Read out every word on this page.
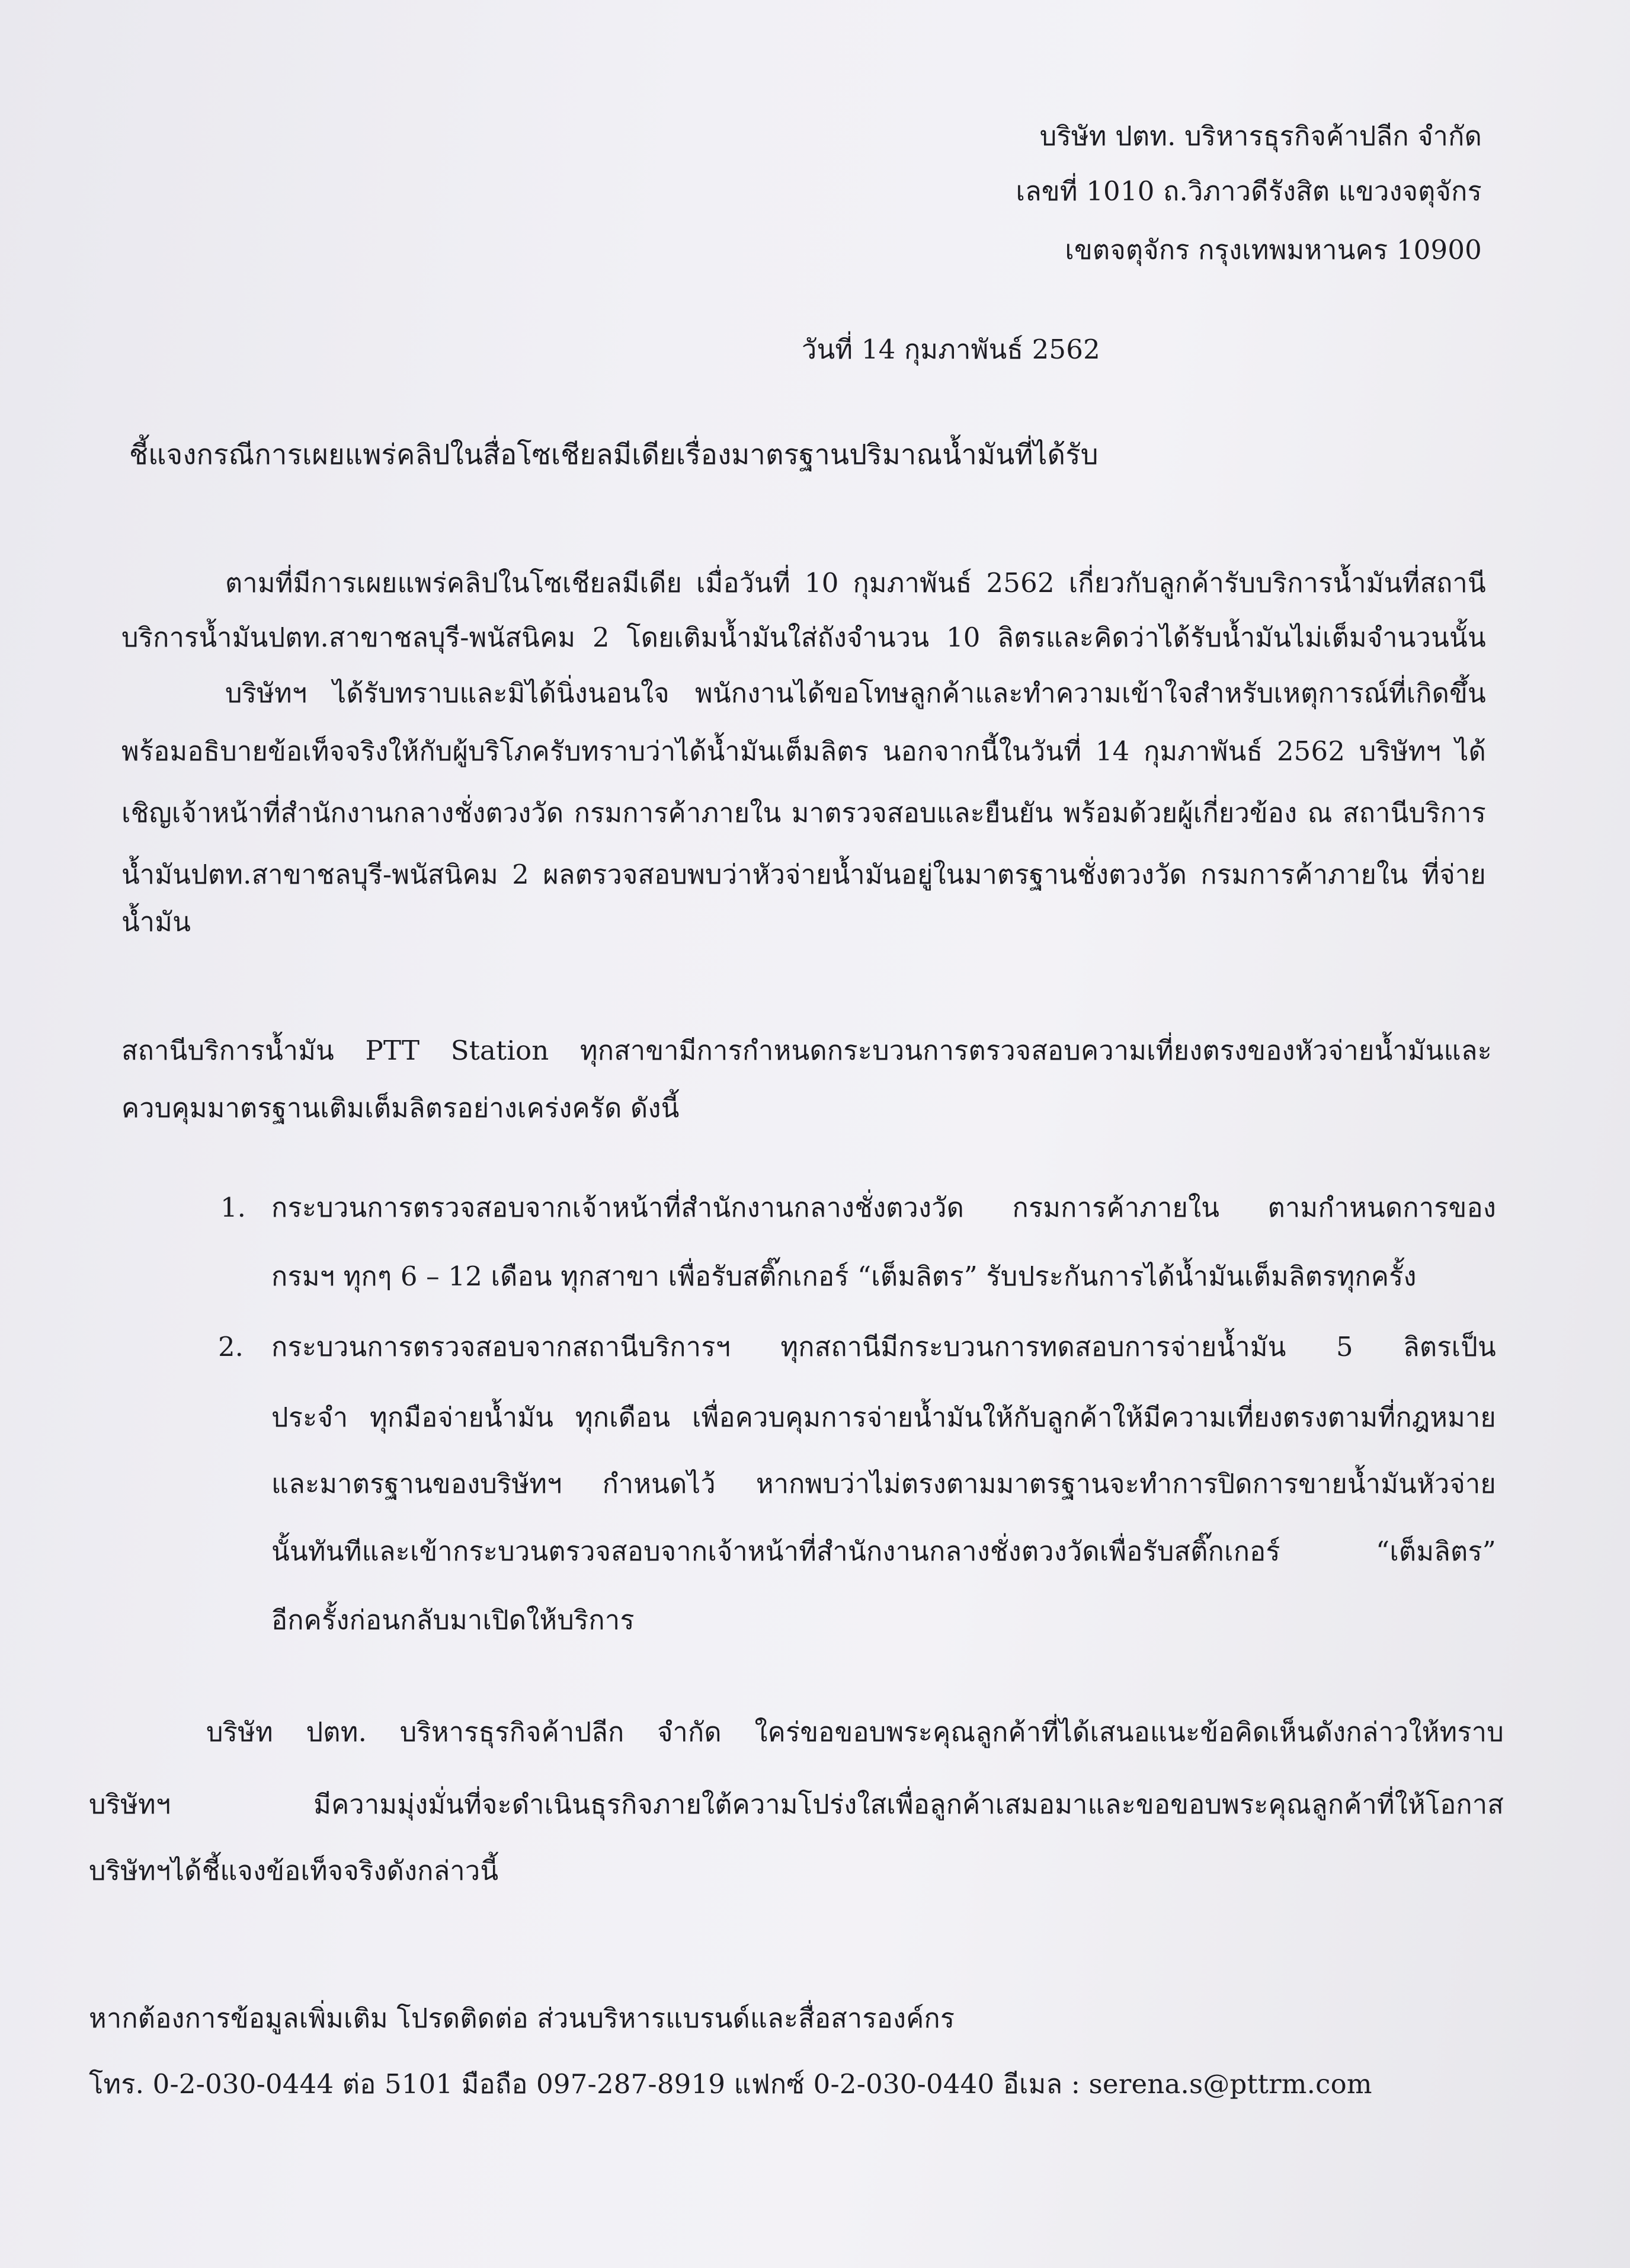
บริษัท ปตท. บริหารธุรกิจค้าปลีก จำกัด
เลขที่ 1010 ถ.วิภาวดีรังสิต แขวงจตุจักร
เขตจตุจักร กรุงเทพมหานคร 10900
วันที่ 14 กุมภาพันธ์ 2562
ชี้แจงกรณีการเผยแพร่คลิปในสื่อโซเชียลมีเดียเรื่องมาตรฐานปริมาณน้ำมันที่ได้รับ
ตามที่มีการเผยแพร่คลิปในโซเชียลมีเดีย เมื่อวันที่ 10 กุมภาพันธ์ 2562 เกี่ยวกับลูกค้ารับบริการน้ำมันที่สถานี
บริการน้ำมันปตท.สาขาชลบุรี-พนัสนิคม 2 โดยเติมน้ำมันใส่ถังจำนวน 10 ลิตรและคิดว่าได้รับน้ำมันไม่เต็มจำนวนนั้น
บริษัทฯ ได้รับทราบและมิได้นิ่งนอนใจ พนักงานได้ขอโทษลูกค้าและทำความเข้าใจสำหรับเหตุการณ์ที่เกิดขึ้น
พร้อมอธิบายข้อเท็จจริงให้กับผู้บริโภครับทราบว่าได้น้ำมันเต็มลิตร นอกจากนี้ในวันที่ 14 กุมภาพันธ์ 2562 บริษัทฯ ได้
เชิญเจ้าหน้าที่สำนักงานกลางชั่งตวงวัด กรมการค้าภายใน มาตรวจสอบและยืนยัน พร้อมด้วยผู้เกี่ยวข้อง ณ สถานีบริการ
น้ำมันปตท.สาขาชลบุรี-พนัสนิคม 2 ผลตรวจสอบพบว่าหัวจ่ายน้ำมันอยู่ในมาตรฐานชั่งตวงวัด กรมการค้าภายใน ที่จ่าย
น้ำมัน
สถานีบริการน้ำมัน PTT Station ทุกสาขามีการกำหนดกระบวนการตรวจสอบความเที่ยงตรงของหัวจ่ายน้ำมันและ
ควบคุมมาตรฐานเติมเต็มลิตรอย่างเคร่งครัด ดังนี้
1. กระบวนการตรวจสอบจากเจ้าหน้าที่สำนักงานกลางชั่งตวงวัด กรมการค้าภายใน ตามกำหนดการของ
กรมฯ ทุกๆ 6 – 12 เดือน ทุกสาขา เพื่อรับสติ๊กเกอร์ “เต็มลิตร” รับประกันการได้น้ำมันเต็มลิตรทุกครั้ง
2. กระบวนการตรวจสอบจากสถานีบริการฯ ทุกสถานีมีกระบวนการทดสอบการจ่ายน้ำมัน 5 ลิตรเป็น
ประจำ ทุกมือจ่ายน้ำมัน ทุกเดือน เพื่อควบคุมการจ่ายน้ำมันให้กับลูกค้าให้มีความเที่ยงตรงตามที่กฎหมาย
และมาตรฐานของบริษัทฯ กำหนดไว้ หากพบว่าไม่ตรงตามมาตรฐานจะทำการปิดการขายน้ำมันหัวจ่าย
นั้นทันทีและเข้ากระบวนตรวจสอบจากเจ้าหน้าที่สำนักงานกลางชั่งตวงวัดเพื่อรับสติ๊กเกอร์ “เต็มลิตร”
อีกครั้งก่อนกลับมาเปิดให้บริการ
บริษัท ปตท. บริหารธุรกิจค้าปลีก จำกัด ใคร่ขอขอบพระคุณลูกค้าที่ได้เสนอแนะข้อคิดเห็นดังกล่าวให้ทราบ
บริษัทฯ มีความมุ่งมั่นที่จะดำเนินธุรกิจภายใต้ความโปร่งใสเพื่อลูกค้าเสมอมาและขอขอบพระคุณลูกค้าที่ให้โอกาส
บริษัทฯได้ชี้แจงข้อเท็จจริงดังกล่าวนี้
หากต้องการข้อมูลเพิ่มเติม โปรดติดต่อ ส่วนบริหารแบรนด์และสื่อสารองค์กร
โทร. 0-2-030-0444 ต่อ 5101 มือถือ 097-287-8919 แฟกซ์ 0-2-030-0440 อีเมล : serena.s@pttrm.com
